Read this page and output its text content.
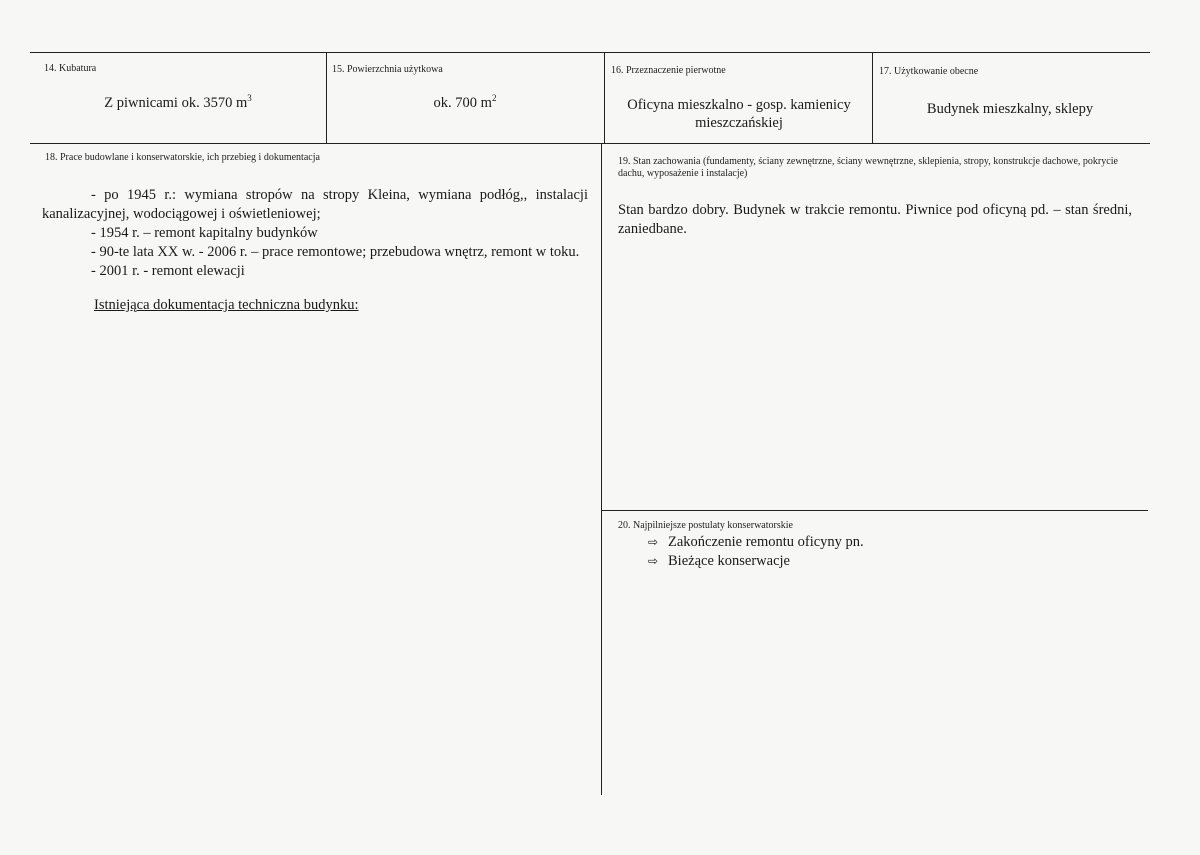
14. Kubatura
Z piwnicami ok. 3570 $m^3$
15. Powierzchnia użytkowa
ok. 700 $m^2$
16. Przeznaczenie pierwotne
Oficyna mieszkalno - gosp. kamienicy mieszczańskiej
17. Użytkowanie obecne
Budynek mieszkalny, sklepy
18. Prace budowlane i konserwatorskie, ich przebieg i dokumentacja
- po 1945 r.: wymiana stropów na stropy Kleina, wymiana podłóg,, instalacji kanalizacyjnej, wodociągowej i oświetleniowej;
- 1954 r. – remont kapitalny budynków
- 90-te lata XX w. - 2006 r. – prace remontowe; przebudowa wnętrz, remont w toku.
- 2001 r. - remont elewacji
Istniejąca dokumentacja techniczna budynku:
19. Stan zachowania (fundamenty, ściany zewnętrzne, ściany wewnętrzne, sklepienia, stropy, konstrukcje dachowe, pokrycie dachu, wyposażenie i instalacje)
Stan bardzo dobry. Budynek w trakcie remontu. Piwnice pod oficyną pd. – stan średni, zaniedbane.
20. Najpilniejsze postulaty konserwatorskie
⇨ Zakończenie remontu oficyny pn.
⇨ Bieżące konserwacje
